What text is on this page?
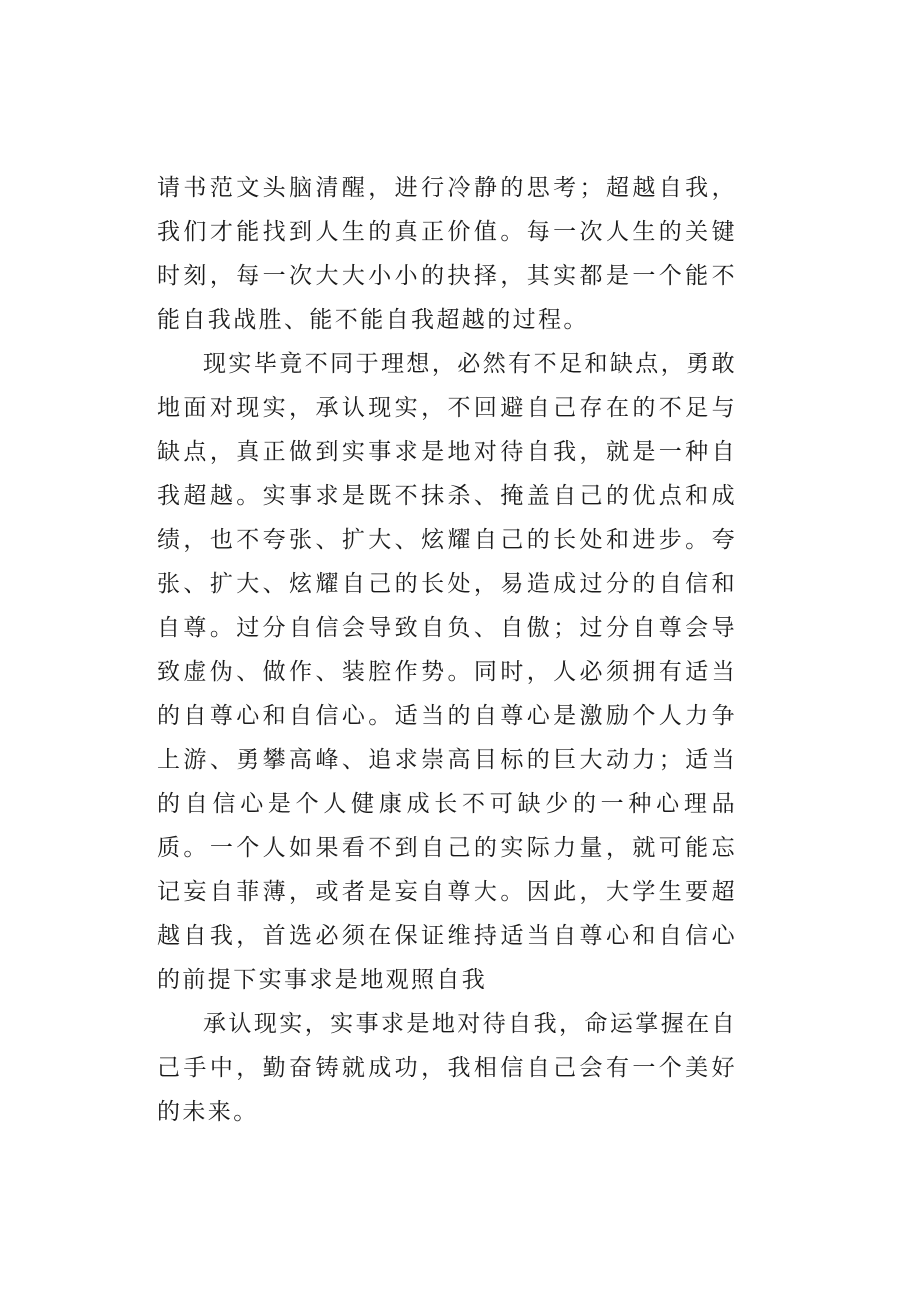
请书范文头脑清醒，进行冷静的思考；超越自我，我们才能找到人生的真正价值。每一次人生的关键时刻，每一次大大小小的抉择，其实都是一个能不能自我战胜、能不能自我超越的过程。

现实毕竟不同于理想，必然有不足和缺点，勇敢地面对现实，承认现实，不回避自己存在的不足与缺点，真正做到实事求是地对待自我，就是一种自我超越。实事求是既不抹杀、掩盖自己的优点和成绩，也不夸张、扩大、炫耀自己的长处和进步。夸张、扩大、炫耀自己的长处，易造成过分的自信和自尊。过分自信会导致自负、自傲；过分自尊会导致虚伪、做作、装腔作势。同时，人必须拥有适当的自尊心和自信心。适当的自尊心是激励个人力争上游、勇攀高峰、追求崇高目标的巨大动力；适当的自信心是个人健康成长不可缺少的一种心理品质。一个人如果看不到自己的实际力量，就可能忘记妄自菲薄，或者是妄自尊大。因此，大学生要超越自我，首选必须在保证维持适当自尊心和自信心的前提下实事求是地观照自我

承认现实，实事求是地对待自我，命运掌握在自己手中，勤奋铸就成功，我相信自己会有一个美好的未来。
